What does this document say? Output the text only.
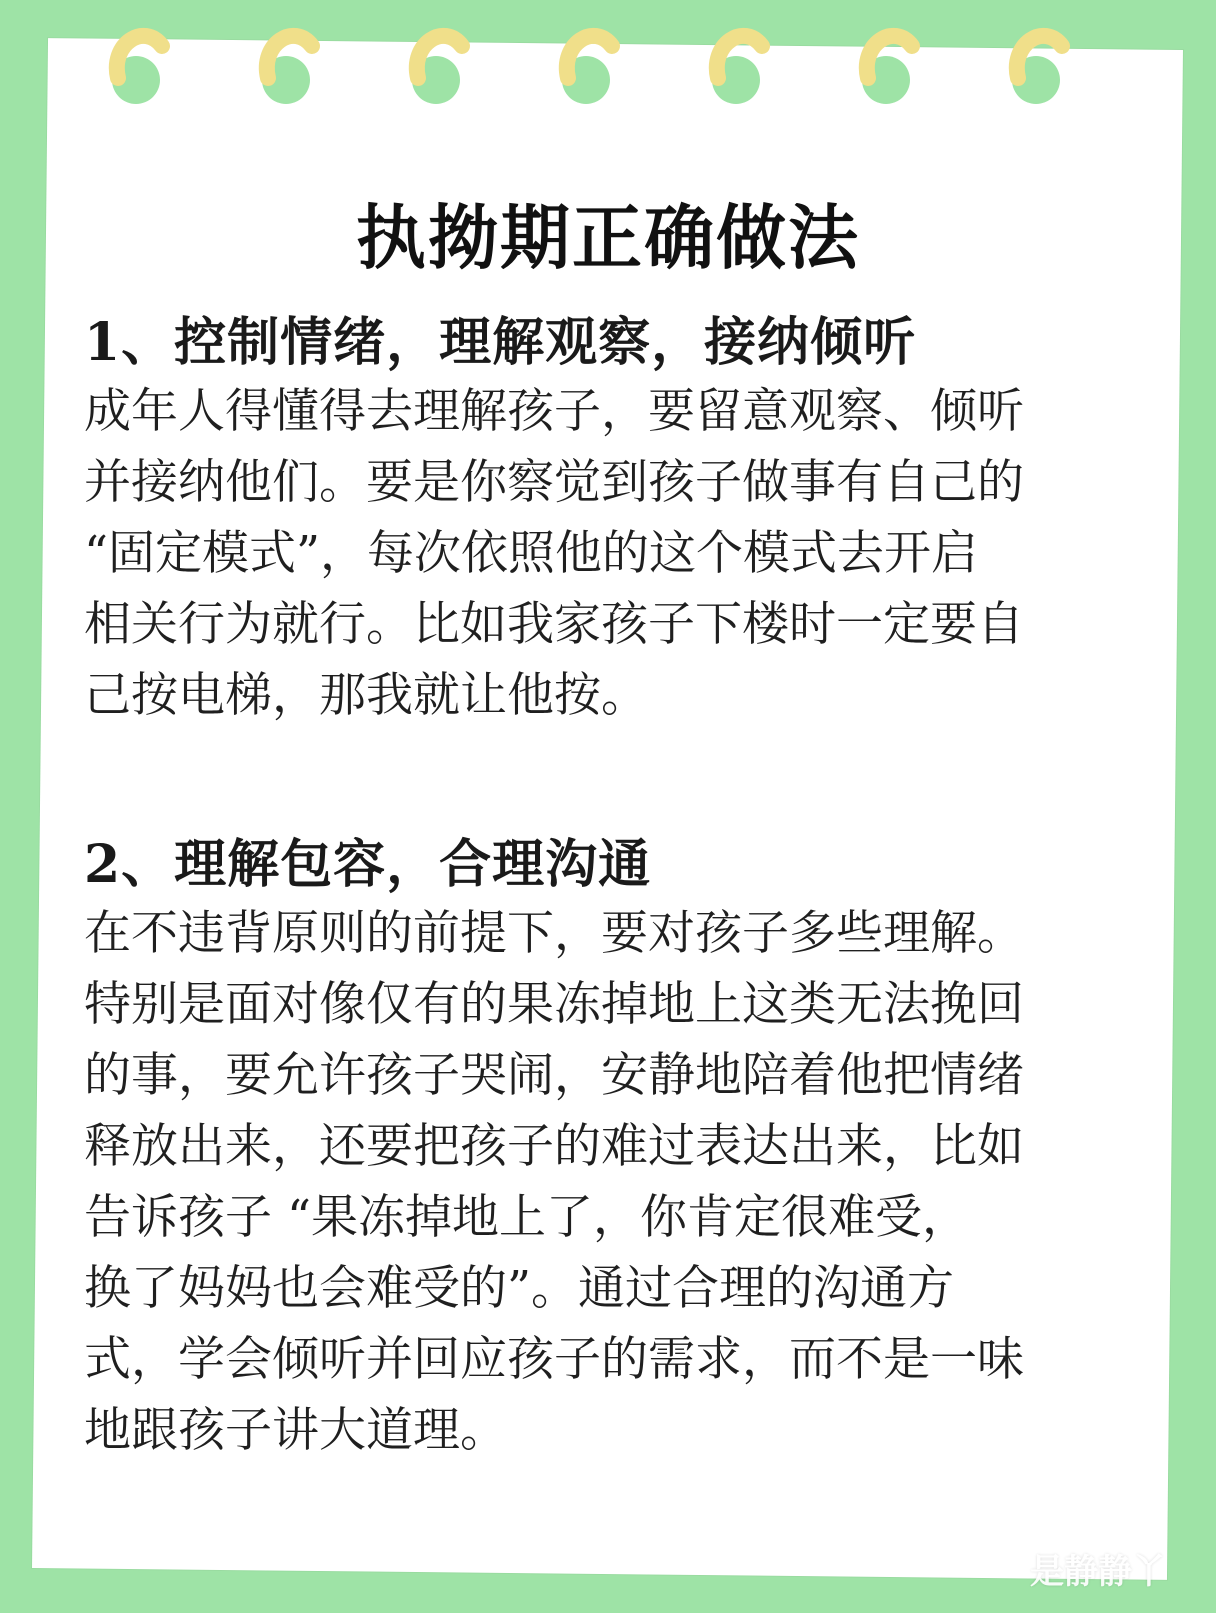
执拗期正确做法
1、控制情绪，理解观察，接纳倾听
成年人得懂得去理解孩子，要留意观察、倾听
并接纳他们。要是你察觉到孩子做事有自己的
“固定模式”，每次依照他的这个模式去开启
相关行为就行。比如我家孩子下楼时一定要自
己按电梯，那我就让他按。
2、理解包容，合理沟通
在不违背原则的前提下，要对孩子多些理解。
特别是面对像仅有的果冻掉地上这类无法挽回
的事，要允许孩子哭闹，安静地陪着他把情绪
释放出来，还要把孩子的难过表达出来，比如
告诉孩子 “果冻掉地上了，你肯定很难受，
换了妈妈也会难受的”。通过合理的沟通方
式，学会倾听并回应孩子的需求，而不是一味
地跟孩子讲大道理。
是静静丫
